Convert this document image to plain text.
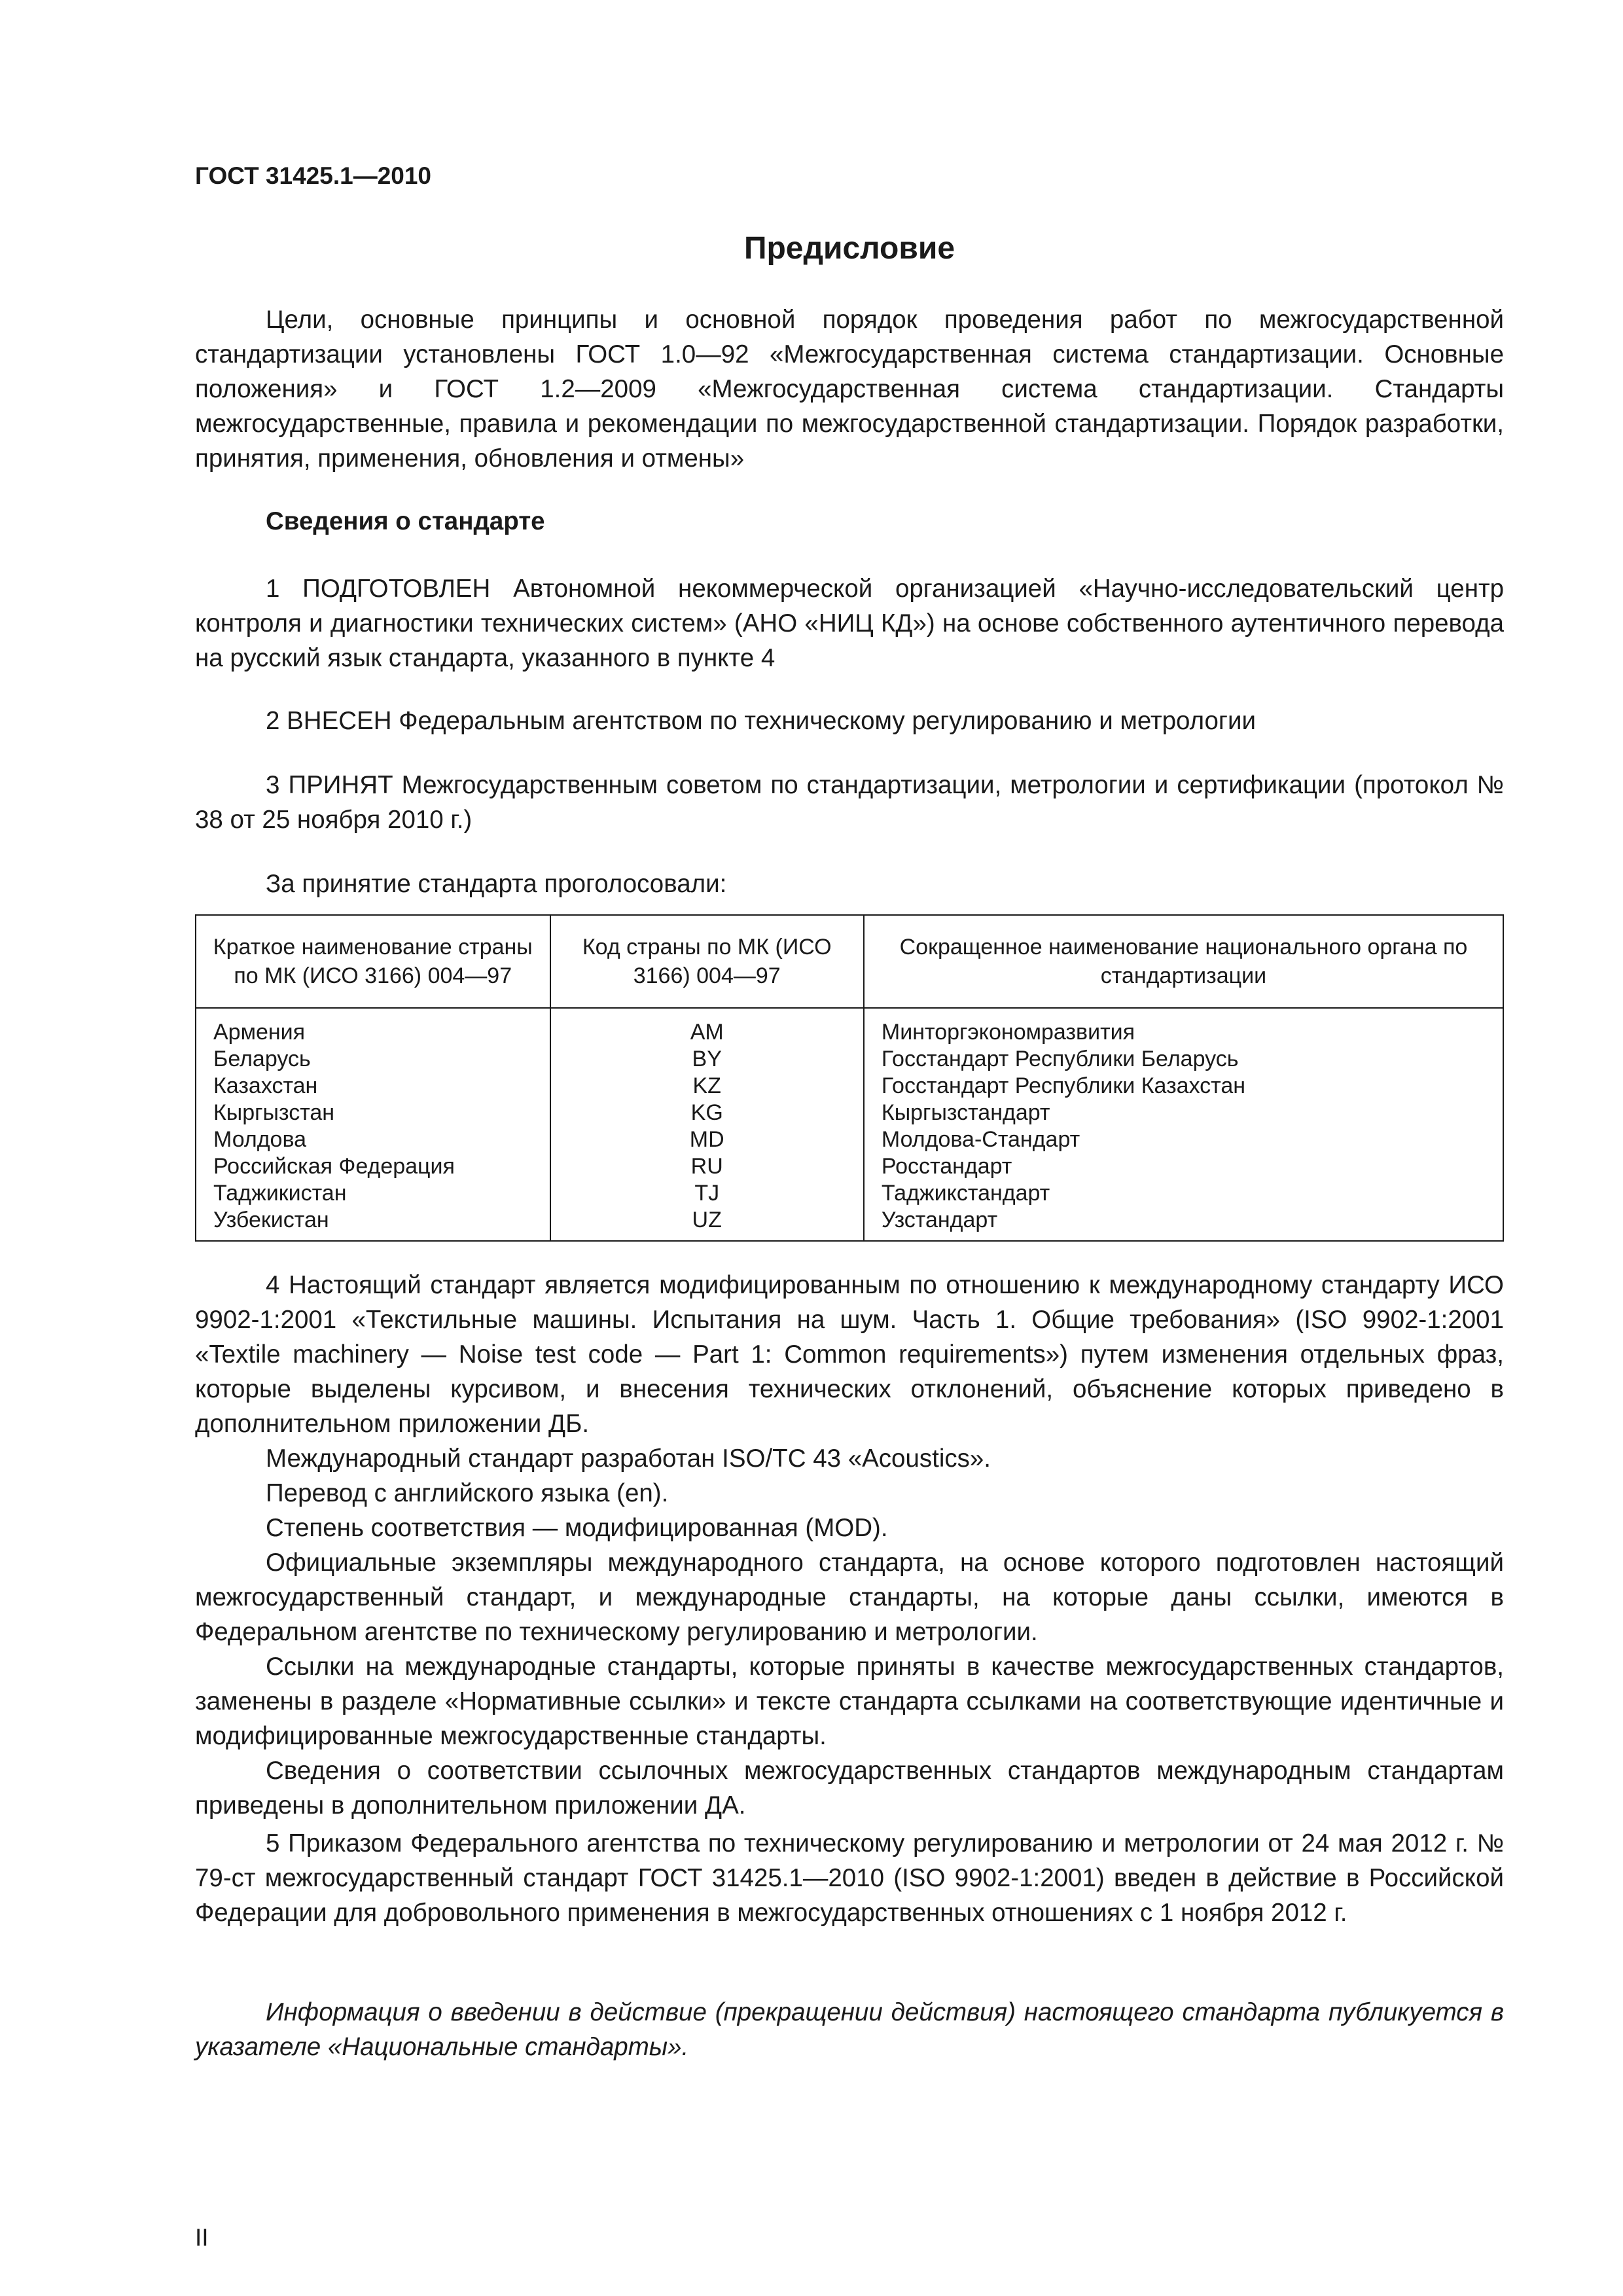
ГОСТ 31425.1—2010
Предисловие

Цели, основные принципы и основной порядок проведения работ по межгосударственной стандартизации установлены ГОСТ 1.0—92 «Межгосударственная система стандартизации. Основные положения» и ГОСТ 1.2—2009 «Межгосударственная система стандартизации. Стандарты межгосударственные, правила и рекомендации по межгосударственной стандартизации. Порядок разработки, принятия, применения, обновления и отмены»

Сведения о стандарте

1 ПОДГОТОВЛЕН Автономной некоммерческой организацией «Научно-исследовательский центр контроля и диагностики технических систем» (АНО «НИЦ КД») на основе собственного аутентичного перевода на русский язык стандарта, указанного в пункте 4

2 ВНЕСЕН Федеральным агентством по техническому регулированию и метрологии

3 ПРИНЯТ Межгосударственным советом по стандартизации, метрологии и сертификации (протокол № 38 от 25 ноября 2010 г.)

За принятие стандарта проголосовали:

Краткое наименование страны по МК (ИСО 3166) 004—97	Код страны по МК (ИСО 3166) 004—97	Сокращенное наименование национального органа по стандартизации
Армения	AM	Минторгэкономразвития
Беларусь	BY	Госстандарт Республики Беларусь
Казахстан	KZ	Госстандарт Республики Казахстан
Кыргызстан	KG	Кыргызстандарт
Молдова	MD	Молдова-Стандарт
Российская Федерация	RU	Росстандарт
Таджикистан	TJ	Таджикстандарт
Узбекистан	UZ	Узстандарт

4 Настоящий стандарт является модифицированным по отношению к международному стандарту ИСО 9902-1:2001 «Текстильные машины. Испытания на шум. Часть 1. Общие требования» (ISO 9902-1:2001 «Textile machinery — Noise test code — Part 1: Common requirements») путем изменения отдельных фраз, которые выделены курсивом, и внесения технических отклонений, объяснение которых приведено в дополнительном приложении ДБ.

Международный стандарт разработан ISO/TC 43 «Acoustics».

Перевод с английского языка (en).

Степень соответствия — модифицированная (MOD).

Официальные экземпляры международного стандарта, на основе которого подготовлен настоящий межгосударственный стандарт, и международные стандарты, на которые даны ссылки, имеются в Федеральном агентстве по техническому регулированию и метрологии.

Ссылки на международные стандарты, которые приняты в качестве межгосударственных стандартов, заменены в разделе «Нормативные ссылки» и тексте стандарта ссылками на соответствующие идентичные и модифицированные межгосударственные стандарты.

Сведения о соответствии ссылочных межгосударственных стандартов международным стандартам приведены в дополнительном приложении ДА.

5 Приказом Федерального агентства по техническому регулированию и метрологии от 24 мая 2012 г. № 79-ст межгосударственный стандарт ГОСТ 31425.1—2010 (ISO 9902-1:2001) введен в действие в Российской Федерации для добровольного применения в межгосударственных отношениях с 1 ноября 2012 г.

Информация о введении в действие (прекращении действия) настоящего стандарта публикуется в указателе «Национальные стандарты».

II
